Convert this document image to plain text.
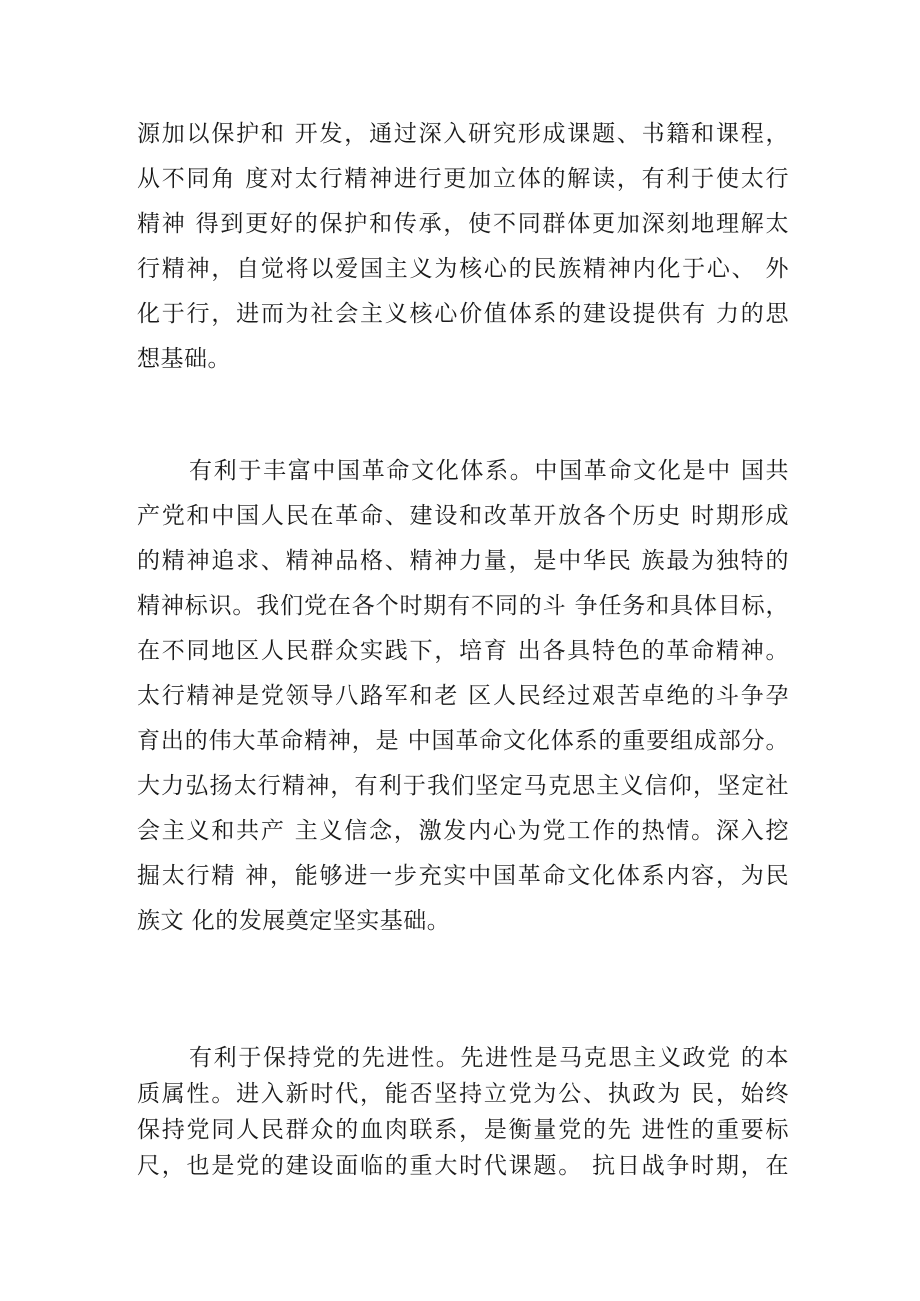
源加以保护和 开发，通过深入研究形成课题、书籍和课程，
从不同角 度对太行精神进行更加立体的解读，有利于使太行
精神 得到更好的保护和传承，使不同群体更加深刻地理解太
行精神，自觉将以爱国主义为核心的民族精神内化于心、 外
化于行，进而为社会主义核心价值体系的建设提供有 力的思
想基础。
有利于丰富中国革命文化体系。中国革命文化是中 国共
产党和中国人民在革命、建设和改革开放各个历史 时期形成
的精神追求、精神品格、精神力量，是中华民 族最为独特的
精神标识。我们党在各个时期有不同的斗 争任务和具体目标，
在不同地区人民群众实践下，培育 出各具特色的革命精神。
太行精神是党领导八路军和老 区人民经过艰苦卓绝的斗争孕
育出的伟大革命精神，是 中国革命文化体系的重要组成部分。
大力弘扬太行精神，有利于我们坚定马克思主义信仰，坚定社
会主义和共产 主义信念，激发内心为党工作的热情。深入挖
掘太行精 神，能够进一步充实中国革命文化体系内容，为民
族文 化的发展奠定坚实基础。
有利于保持党的先进性。先进性是马克思主义政党 的本
质属性。进入新时代，能否坚持立党为公、执政为 民，始终
保持党同人民群众的血肉联系，是衡量党的先 进性的重要标
尺，也是党的建设面临的重大时代课题。 抗日战争时期，在
